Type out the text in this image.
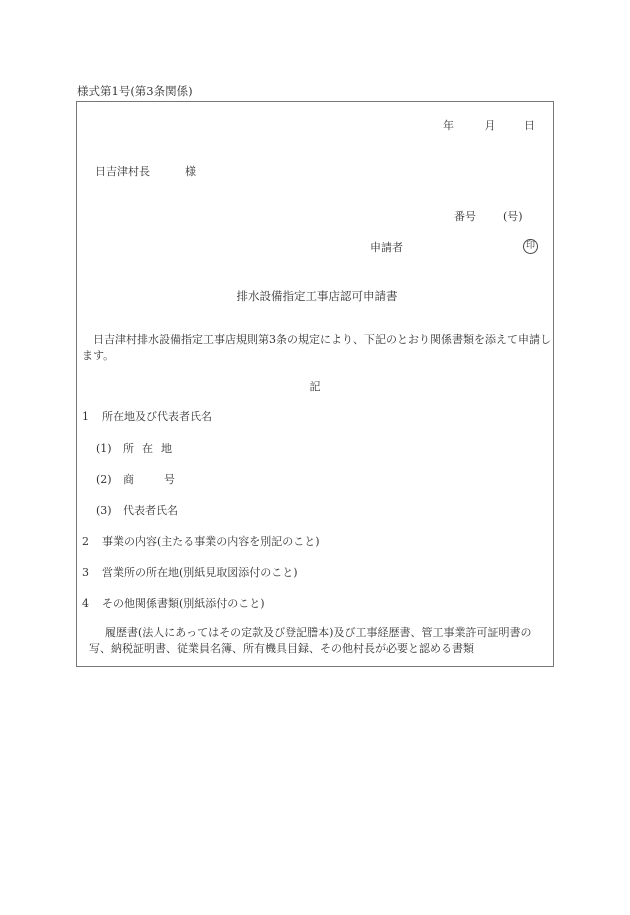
様式第1号(第3条関係)
年	月	日
日吉津村長	様
番号 (号)
申請者	印
排水設備指定工事店認可申請書
日吉津村排水設備指定工事店規則第3条の規定により、下記のとおり関係書類を添えて申請します。
記
1 所在地及び代表者氏名
(1) 所在地
(2) 商	号
(3) 代表者氏名
2 事業の内容(主たる事業の内容を別記のこと)
3 営業所の所在地(別紙見取図添付のこと)
4 その他関係書類(別紙添付のこと)
履歴書(法人にあってはその定款及び登記謄本)及び工事経歴書、管工事業許可証明書の写、納税証明書、従業員名簿、所有機具目録、その他村長が必要と認める書類
